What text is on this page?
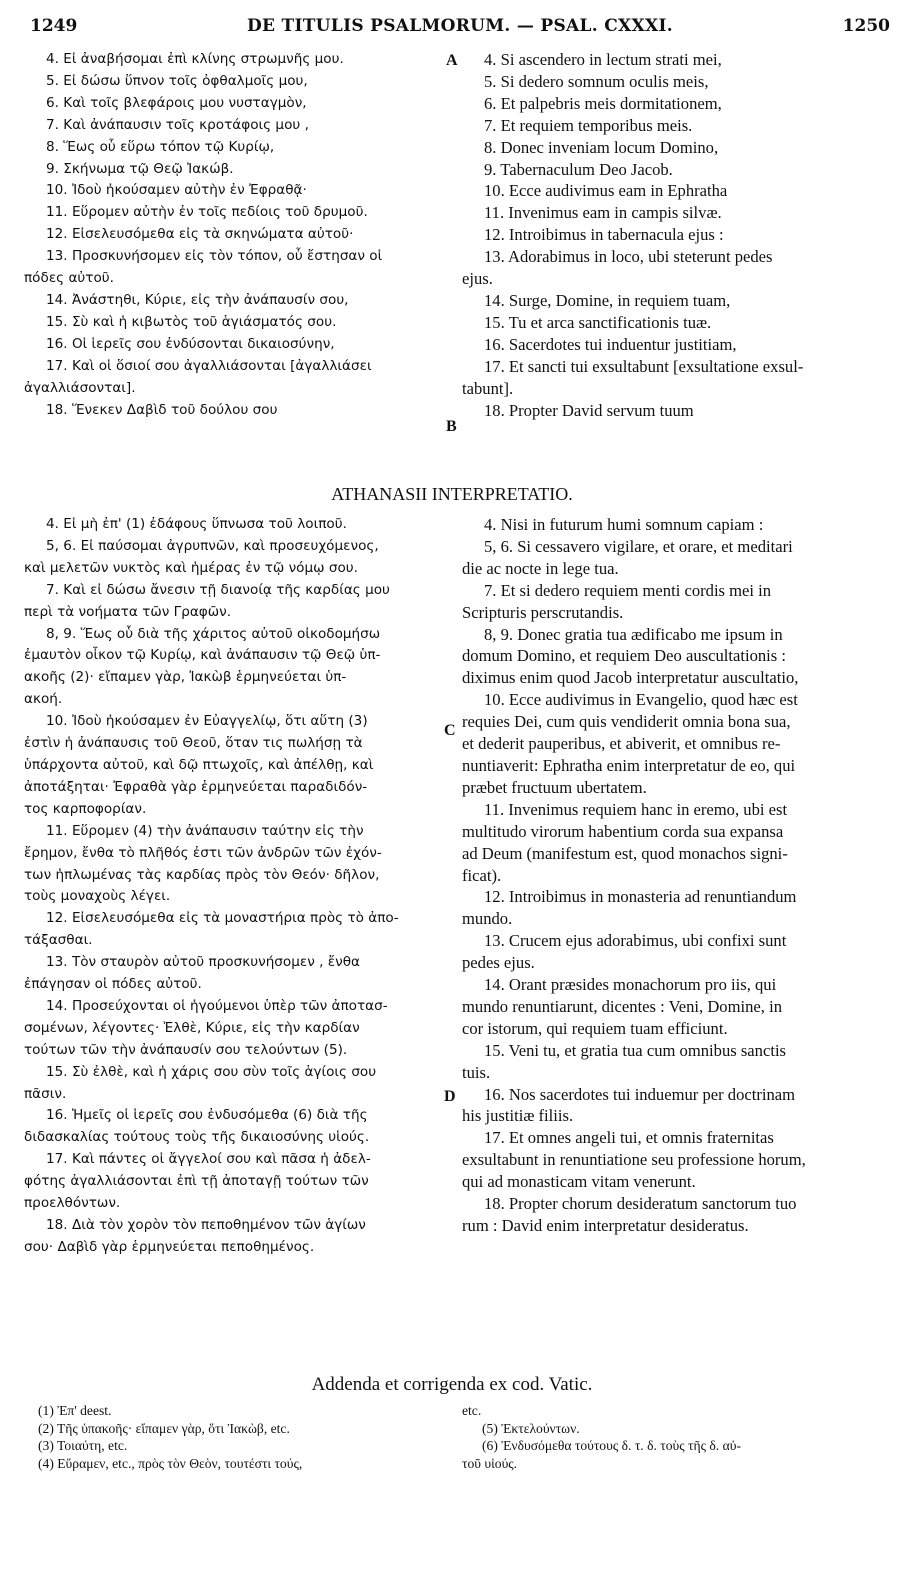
1249	DE TITULIS PSALMORUM. — PSAL. CXXXI.	1250
4. Εἰ ἀναβήσομαι ἐπὶ κλίνης στρωμνῆς μου.
5. Εἰ δώσω ὕπνον τοῖς ὀφθαλμοῖς μου,
6. Καὶ τοῖς βλεφάροις μου νυσταγμὸν,
7. Καὶ ἀνάπαυσιν τοῖς κροτάφοις μου ,
8. Ἕως οὗ εὕρω τόπον τῷ Κυρίῳ,
9. Σκήνωμα τῷ Θεῷ Ἰακώβ.
10. Ἰδοὺ ἠκούσαμεν αὐτὴν ἐν Ἐφραθᾷ·
11. Εὕρομεν αὐτὴν ἐν τοῖς πεδίοις τοῦ δρυμοῦ.
12. Εἰσελευσόμεθα εἰς τὰ σκηνώματα αὐτοῦ·
13. Προσκυνήσομεν εἰς τὸν τόπον, οὗ ἔστησαν οἱ
πόδες αὐτοῦ.
14. Ἀνάστηθι, Κύριε, εἰς τὴν ἀνάπαυσίν σου,
15. Σὺ καὶ ἡ κιβωτὸς τοῦ ἁγιάσματός σου.
16. Οἱ ἱερεῖς σου ἐνδύσονται δικαιοσύνην,
17. Καὶ οἱ ὅσιοί σου ἀγαλλιάσονται [ἀγαλλιάσει
ἀγαλλιάσονται].
18. Ἕνεκεν Δαβὶδ τοῦ δούλου σου
4. Si ascendero in lectum strati mei,
5. Si dedero somnum oculis meis,
6. Et palpebris meis dormitationem,
7. Et requiem temporibus meis.
8. Donec inveniam locum Domino,
9. Tabernaculum Deo Jacob.
10. Ecce audivimus eam in Ephratha
11. Invenimus eam in campis silvæ.
12. Introibimus in tabernacula ejus :
13. Adorabimus in loco, ubi steterunt pedes
ejus.
14. Surge, Domine, in requiem tuam,
15. Tu et arca sanctificationis tuæ.
16. Sacerdotes tui induentur justitiam,
17. Et sancti tui exsultabunt [exsultatione exsul-
tabunt].
18. Propter David servum tuum
A
B
ATHANASII INTERPRETATIO.
4. Εἰ μὴ ἐπ' (1) ἐδάφους ὕπνωσα τοῦ λοιποῦ.
5, 6. Εἰ παύσομαι ἀγρυπνῶν, καὶ προσευχόμενος,
καὶ μελετῶν νυκτὸς καὶ ἡμέρας ἐν τῷ νόμῳ σου.
7. Καὶ εἰ δώσω ἄνεσιν τῇ διανοίᾳ τῆς καρδίας μου
περὶ τὰ νοήματα τῶν Γραφῶν.
8, 9. Ἕως οὗ διὰ τῆς χάριτος αὐτοῦ οἰκοδομήσω
ἐμαυτὸν οἶκον τῷ Κυρίῳ, καὶ ἀνάπαυσιν τῷ Θεῷ ὑπ-
ακοῆς (2)· εἴπαμεν γὰρ, Ἰακὼβ ἑρμηνεύεται ὑπ-
ακοή.
10. Ἰδοὺ ἠκούσαμεν ἐν Εὐαγγελίῳ, ὅτι αὕτη (3)
ἐστὶν ἡ ἀνάπαυσις τοῦ Θεοῦ, ὅταν τις πωλήσῃ τὰ
ὑπάρχοντα αὐτοῦ, καὶ δῷ πτωχοῖς, καὶ ἀπέλθῃ, καὶ
ἀποτάξηται· Ἐφραθὰ γὰρ ἑρμηνεύεται παραδιδόν-
τος καρποφορίαν.
11. Εὕρομεν (4) τὴν ἀνάπαυσιν ταύτην εἰς τὴν
ἔρημον, ἔνθα τὸ πλῆθός ἐστι τῶν ἀνδρῶν τῶν ἐχόν-
των ἡπλωμένας τὰς καρδίας πρὸς τὸν Θεόν· δῆλον,
τοὺς μοναχοὺς λέγει.
12. Εἰσελευσόμεθα εἰς τὰ μοναστήρια πρὸς τὸ ἀπο-
τάξασθαι.
13. Τὸν σταυρὸν αὐτοῦ προσκυνήσομεν , ἔνθα
ἐπάγησαν οἱ πόδες αὐτοῦ.
14. Προσεύχονται οἱ ἡγούμενοι ὑπὲρ τῶν ἀποτασ-
σομένων, λέγοντες· Ἐλθὲ, Κύριε, εἰς τὴν καρδίαν
τούτων τῶν τὴν ἀνάπαυσίν σου τελούντων (5).
15. Σὺ ἐλθὲ, καὶ ἡ χάρις σου σὺν τοῖς ἁγίοις σου
πᾶσιν.
16. Ἡμεῖς οἱ ἱερεῖς σου ἐνδυσόμεθα (6) διὰ τῆς
διδασκαλίας τούτους τοὺς τῆς δικαιοσύνης υἱούς.
17. Καὶ πάντες οἱ ἄγγελοί σου καὶ πᾶσα ἡ ἀδελ-
φότης ἀγαλλιάσονται ἐπὶ τῇ ἀποταγῇ τούτων τῶν
προελθόντων.
18. Διὰ τὸν χορὸν τὸν πεποθημένον τῶν ἁγίων
σου· Δαβὶδ γὰρ ἑρμηνεύεται πεποθημένος.
4. Nisi in futurum humi somnum capiam :
5, 6. Si cessavero vigilare, et orare, et meditari
die ac nocte in lege tua.
7. Et si dedero requiem menti cordis mei in
Scripturis perscrutandis.
8, 9. Donec gratia tua ædificabo me ipsum in
domum Domino, et requiem Deo auscultationis :
diximus enim quod Jacob interpretatur auscultatio,
10. Ecce audivimus in Evangelio, quod hæc est
requies Dei, cum quis vendiderit omnia bona sua,
et dederit pauperibus, et abiverit, et omnibus re-
nuntiaverit: Ephratha enim interpretatur de eo, qui
præbet fructuum ubertatem.
11. Invenimus requiem hanc in eremo, ubi est
multitudo virorum habentium corda sua expansa
ad Deum (manifestum est, quod monachos signi-
ficat).
12. Introibimus in monasteria ad renuntiandum
mundo.
13. Crucem ejus adorabimus, ubi confixi sunt
pedes ejus.
14. Orant præsides monachorum pro iis, qui
mundo renuntiarunt, dicentes : Veni, Domine, in
cor istorum, qui requiem tuam efficiunt.
15. Veni tu, et gratia tua cum omnibus sanctis
tuis.
16. Nos sacerdotes tui induemur per doctrinam
his justitiæ filiis.
17. Et omnes angeli tui, et omnis fraternitas
exsultabunt in renuntiatione seu professione horum,
qui ad monasticam vitam venerunt.
18. Propter chorum desideratum sanctorum tuo
rum : David enim interpretatur desideratus.
C
D
Addenda et corrigenda ex cod. Vatic.
(1) Ἐπ' deest.
(2) Τῆς ὑπακοῆς· εἴπαμεν γὰρ, ὅτι Ἰακὼβ, etc.
(3) Τοιαύτη, etc.
(4) Εὕραμεν, etc., πρὸς τὸν Θεὸν, τουτέστι τούς,
etc.
(5) Ἐκτελούντων.
(6) Ἐνδυσόμεθα τούτους δ. τ. δ. τοὺς τῆς δ. αὐ-
τοῦ υἱούς.
